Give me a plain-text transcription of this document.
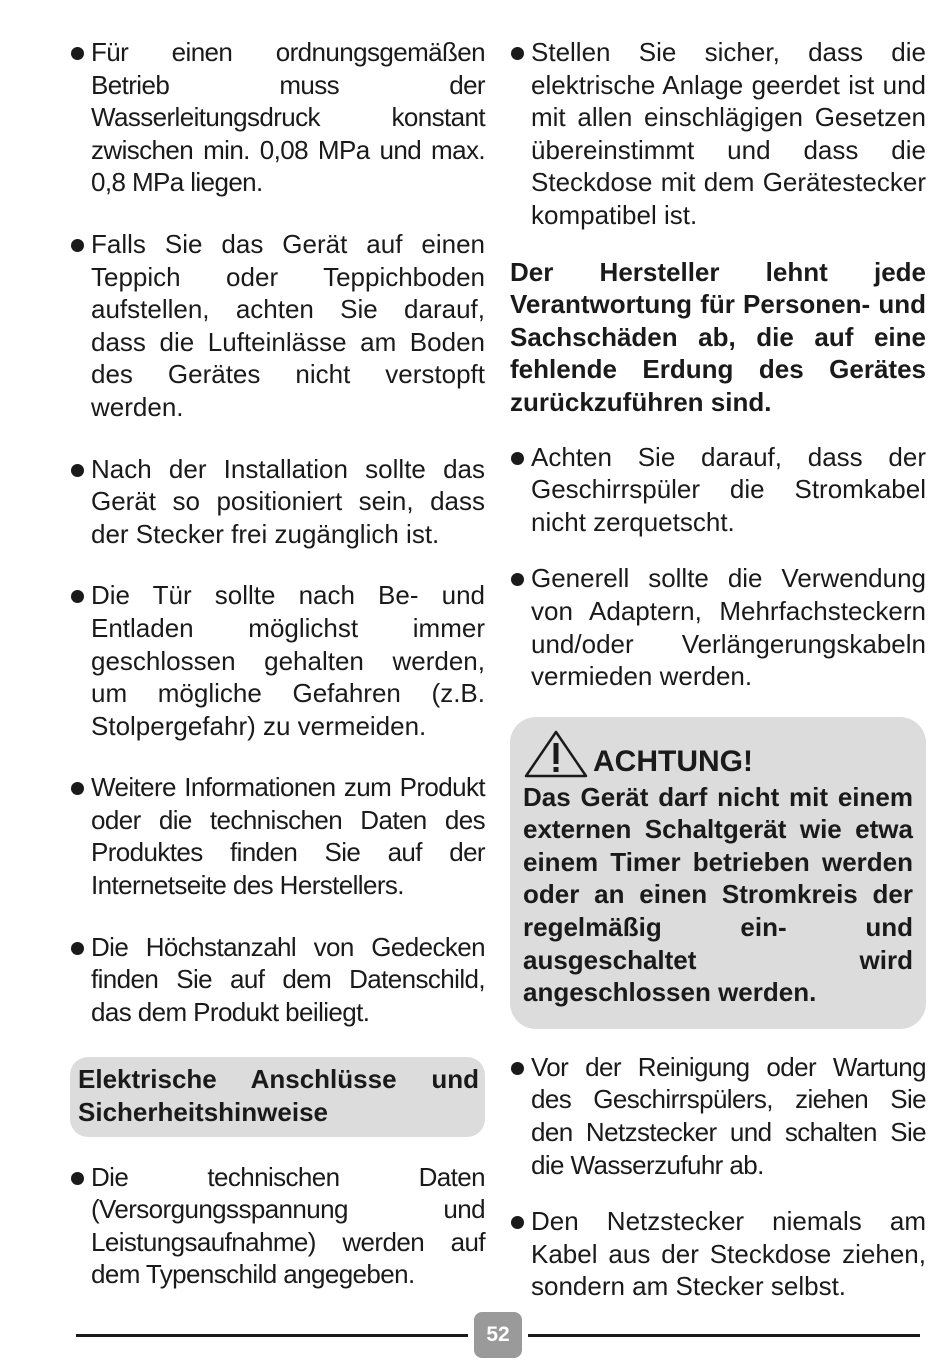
Für einen ordnungsgemäßen Betrieb muss der Wasserleitungsdruck konstant zwischen min. 0,08 MPa und max. 0,8 MPa liegen.

Falls Sie das Gerät auf einen Teppich oder Teppichboden aufstellen, achten Sie darauf, dass die Lufteinlässe am Boden des Gerätes nicht verstopft werden.

Nach der Installation sollte das Gerät so positioniert sein, dass der Stecker frei zugänglich ist.

Die Tür sollte nach Be- und Entladen möglichst immer geschlossen gehalten werden, um mögliche Gefahren (z.B. Stolpergefahr) zu vermeiden.

Weitere Informationen zum Produkt oder die technischen Daten des Produktes finden Sie auf der Internetseite des Herstellers.

Die Höchstanzahl von Gedecken finden Sie auf dem Datenschild, das dem Produkt beiliegt.

Elektrische Anschlüsse und Sicherheitshinweise

Die technischen Daten (Versorgungsspannung und Leistungsaufnahme) werden auf dem Typenschild angegeben.

Stellen Sie sicher, dass die elektrische Anlage geerdet ist und mit allen einschlägigen Gesetzen übereinstimmt und dass die Steckdose mit dem Gerätestecker kompatibel ist.

Der Hersteller lehnt jede Verantwortung für Personen- und Sachschäden ab, die auf eine fehlende Erdung des Gerätes zurückzuführen sind.

Achten Sie darauf, dass der Geschirrspüler die Stromkabel nicht zerquetscht.

Generell sollte die Verwendung von Adaptern, Mehrfachsteckern und/oder Verlängerungskabeln vermieden werden.

ACHTUNG!
Das Gerät darf nicht mit einem externen Schaltgerät wie etwa einem Timer betrieben werden oder an einen Stromkreis der regelmäßig ein- und ausgeschaltet wird angeschlossen werden.

Vor der Reinigung oder Wartung des Geschirrspülers, ziehen Sie den Netzstecker und schalten Sie die Wasserzufuhr ab.

Den Netzstecker niemals am Kabel aus der Steckdose ziehen, sondern am Stecker selbst.

52
